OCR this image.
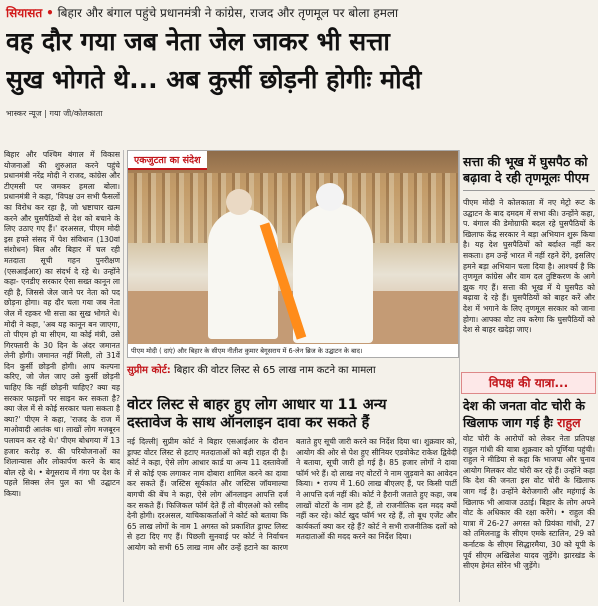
सियासत • बिहार और बंगाल पहुंचे प्रधानमंत्री ने कांग्रेस, राजद और तृणमूल पर बोला हमला
वह दौर गया जब नेता जेल जाकर भी सत्ता
सुख भोगते थे... अब कुर्सी छोड़नी होगीः मोदी
भास्कर न्यूज | गया जी/कोलकाता
बिहार और पश्चिम बंगाल में विकास योजनाओं की शुरुआत करने पहुंचे प्रधानमंत्री नरेंद्र मोदी ने राजद, कांग्रेस और टीएमसी पर जमकर हमला बोला। प्रधानमंत्री ने कहा, 'विपक्ष उन सभी फैसलों का विरोध कर रहा है, जो भ्रष्टाचार खत्म करने और घुसपैठियों से देश को बचाने के लिए उठाए गए हैं।' दरअसल, पीएम मोदी इस हफ्ते संसद में पेश संविधान (130वां संशोधन) बिल और बिहार में चल रही मतदाता सूची गहन पुनरीक्षण (एसआईआर) का संदर्भ दे रहे थे। उन्होंने कहा- एनडीए सरकार ऐसा सख्त कानून ला रही है, जिससे जेल जाने पर नेता को पद छोड़ना होगा। वह दौर चला गया जब नेता जेल में रहकर भी सत्ता का सुख भोगते थे। मोदी ने कहा, 'अब यह कानून बन जाएगा, तो पीएम हो या सीएम, या कोई मंत्री, उसे गिरफ्तारी के 30 दिन के अंदर जमानत लेनी होगी। जमानत नहीं मिली, तो 31वें दिन कुर्सी छोड़नी होगी। आप कल्पना करिए, जो जेल जाए उसे कुर्सी छोड़नी चाहिए कि नहीं छोड़नी चाहिए? क्या यह सरकार फाइलों पर साइन कर सकता है? क्या जेल में से कोई सरकार चला सकता है क्या?' पीएम ने कहा, 'राजद के राज में माओवादी आतंक था। लाखों लोग मजबूरन पलायन कर रहे थे।' पीएम बोधगया में 13 हजार करोड़ रु. की परियोजनाओं का शिलान्यास और लोकार्पण करने के बाद बोल रहे थे। • बेगूसराय में गंगा पर देश के पहले सिक्स लेन पुल का भी उद्घाटन किया।
एकजुटता का संदेश
पीएम मोदी ( दाएं) और बिहार के सीएम नीतीश कुमार बेगूसराय में 6-लेन ब्रिज के उद्घाटन के बाद।
सत्ता की भूख में घुसपैठ को बढ़ावा दे रही तृणमूलः पीएम
पीएम मोदी ने कोलकाता में नए मेट्रो रूट के उद्घाटन के बाद दमदम में सभा की। उन्होंने कहा, प. बंगाल की डेमोग्राफी बदल रहे घुसपैठियों के खिलाफ केंद्र सरकार ने बड़ा अभियान शुरू किया है। यह देश घुसपैठियों को बर्दाश्त नहीं कर सकता। हम उन्हें भारत में नहीं रहने देंगे, इसलिए हमने बड़ा अभियान चला दिया है। आश्चर्य है कि तृणमूल कांग्रेस और वाम दल तुष्टिकरण के आगे झुक गए हैं। सत्ता की भूख में ये घुसपैठ को बढ़ावा दे रहे हैं। घुसपैठियों को बाहर करें और देश में भगाने के लिए तृणमूल सरकार को जाना होगा। आपका वोट तय करेगा कि घुसपैठियों को देश से बाहर खदेड़ा जाए।
सुप्रीम कोर्ट: बिहार की वोटर लिस्ट से 65 लाख नाम कटने का मामला
वोटर लिस्ट से बाहर हुए लोग आधार या 11 अन्य
दस्तावेज के साथ ऑनलाइन दावा कर सकते हैं
नई दिल्ली| सुप्रीम कोर्ट ने बिहार एसआईआर के दौरान ड्राफ्ट वोटर लिस्ट से हटाए मतदाताओं को बड़ी राहत दी है। कोर्ट ने कहा, ऐसे लोग आधार कार्ड या अन्य 11 दस्तावेजों में से कोई एक लगाकर नाम दोबारा शामिल करने का दावा कर सकते हैं। जस्टिस सूर्यकांत और जस्टिस जॉयमाल्या बागची की बेंच ने कहा, ऐसे लोग ऑनलाइन आपत्ति दर्ज कर सकते हैं। फिजिकल फॉर्म देते हैं तो बीएलओ को रसीद देनी होगी। दरअसल, याचिकाकर्ताओं ने कोर्ट को बताया कि 65 लाख लोगों के नाम 1 अगस्त को प्रकाशित ड्राफ्ट लिस्ट से हटा दिए गए हैं। पिछली सुनवाई पर कोर्ट ने निर्वाचन आयोग को सभी 65 लाख नाम और उन्हें हटाने का कारण बताते हुए सूची जारी करने का निर्देश दिया था। शुक्रवार को, आयोग की ओर से पेश हुए सीनियर एडवोकेट राकेश द्विवेदी ने बताया, सूची जारी हो गई है। 85 हजार लोगों ने दावा फॉर्म भरे हैं। दो लाख नए वोटरों ने नाम जुड़वाने का आवेदन किया। • राज्य में 1.60 लाख बीएलए हैं, पर किसी पार्टी ने आपत्ति दर्ज नहीं की। कोर्ट ने हैरानी जताते हुए कहा, जब लाखों वोटरों के नाम हटे हैं, तो राजनीतिक दल मदद क्यों नहीं कर रहे। कोर्ट खुद फॉर्म भर रहे हैं, तो बूथ एजेंट और कार्यकर्ता क्या कर रहे हैं? कोर्ट ने सभी राजनीतिक दलों को मतदाताओं की मदद करने का निर्देश दिया।
विपक्ष की यात्रा...
देश की जनता वोट चोरी के खिलाफ जाग गई हैः राहुल
वोट चोरी के आरोपों को लेकर नेता प्रतिपक्ष राहुल गांधी की यात्रा शुक्रवार को पूर्णिया पहुंची। राहुल ने मीडिया से कहा कि भाजपा और चुनाव आयोग मिलकर वोट चोरी कर रहे हैं। उन्होंने कहा कि देश की जनता इस वोट चोरी के खिलाफ जाग गई है। उन्होंने बेरोजगारी और महंगाई के खिलाफ भी आवाज उठाई। बिहार के लोग अपने वोट के अधिकार की रक्षा करेंगे। • राहुल की यात्रा में 26-27 अगस्त को प्रियंका गांधी, 27 को तमिलनाडु के सीएम एमके स्टालिन, 29 को कर्नाटक के सीएम सिद्धारमैया, 30 को यूपी के पूर्व सीएम अखिलेश यादव जुड़ेंगे। झारखंड के सीएम हेमंत सोरेन भी जुड़ेंगे।
